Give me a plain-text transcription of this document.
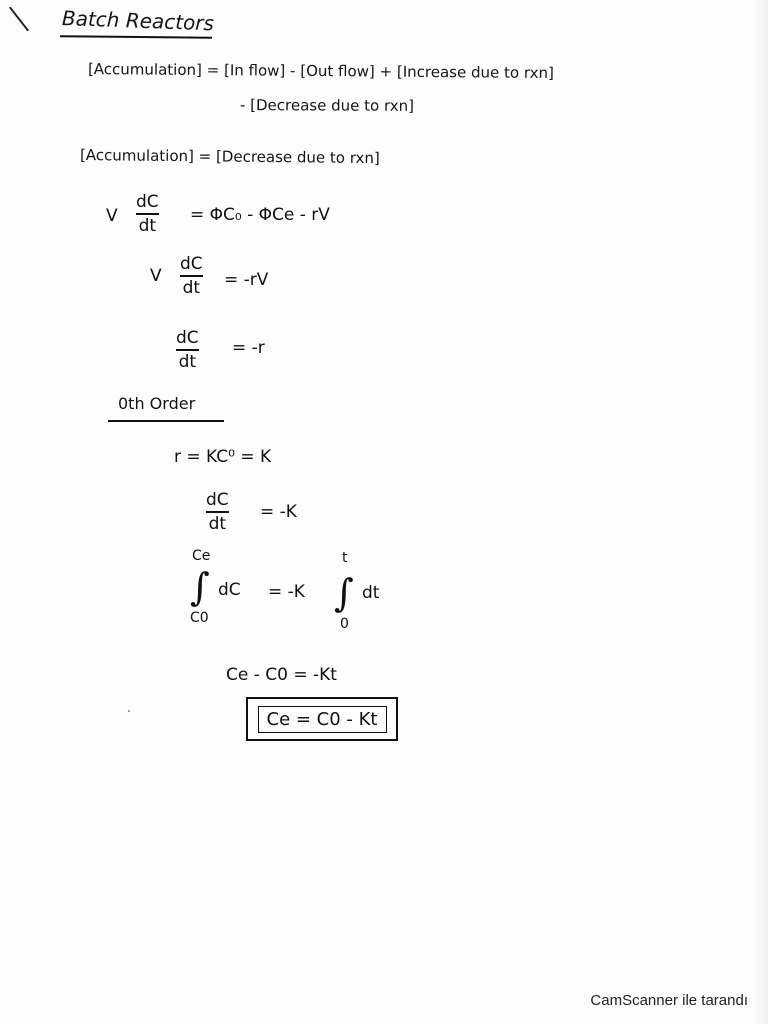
Batch Reactors
[Accumulation] = [In flow] - [Out flow] + [Increase due to rxn]
- [Decrease due to rxn]
[Accumulation] = [Decrease due to rxn]
V
dC
dt
= ΦC₀ - ΦCe - rV
V
dC
dt = -rV
dC
dt
= -r
0th Order
r = KC⁰ = K
dC
dt
= -K
Ce
∫
C0
dC = -K
t
∫
0
dt
Ce - C0 = -Kt
Ce = C0 - Kt
CamScanner ile tarandı
